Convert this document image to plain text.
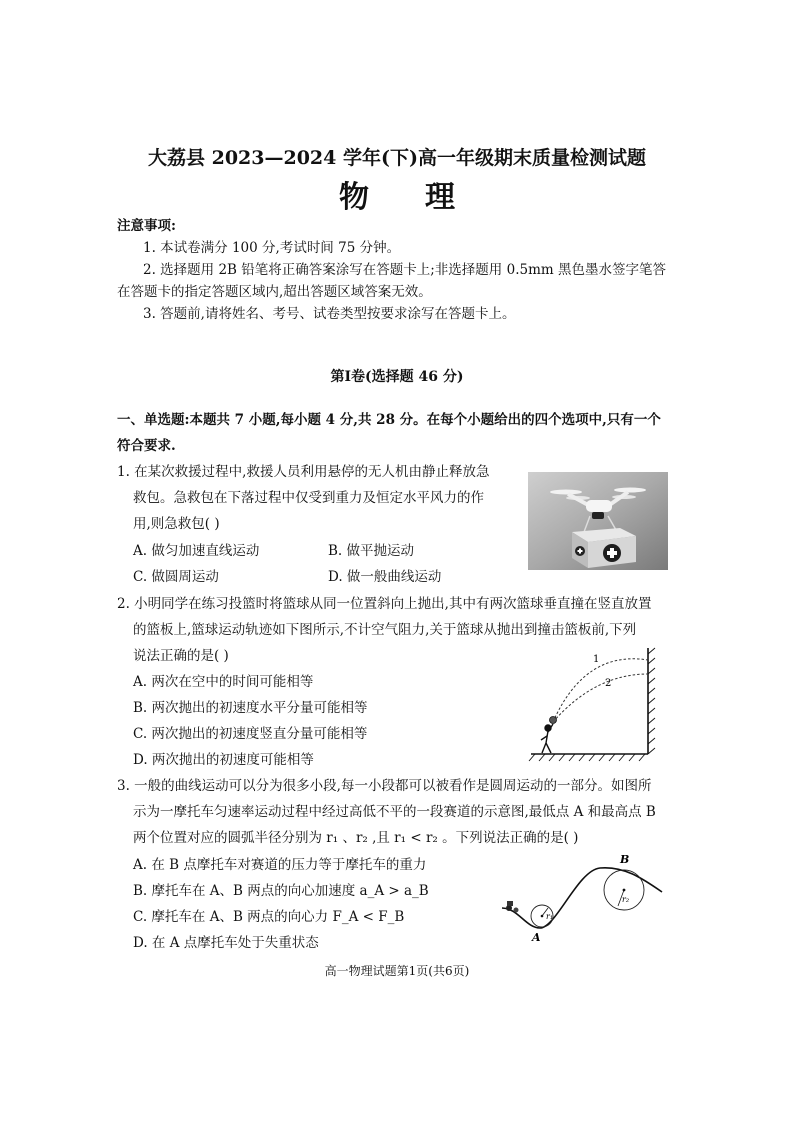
大荔县 2023—2024 学年(下)高一年级期末质量检测试题
物 理
注意事项:
1. 本试卷满分 100 分,考试时间 75 分钟。
2. 选择题用 2B 铅笔将正确答案涂写在答题卡上;非选择题用 0.5mm 黑色墨水签字笔答
在答题卡的指定答题区域内,超出答题区域答案无效。
3. 答题前,请将姓名、考号、试卷类型按要求涂写在答题卡上。
第Ⅰ卷(选择题 46 分)
一、单选题:本题共 7 小题,每小题 4 分,共 28 分。在每个小题给出的四个选项中,只有一个
符合要求.
1. 在某次救援过程中,救援人员利用悬停的无人机由静止释放急
救包。急救包在下落过程中仅受到重力及恒定水平风力的作
用,则急救包( )
A. 做匀加速直线运动	B. 做平抛运动
C. 做圆周运动	D. 做一般曲线运动
2. 小明同学在练习投篮时将篮球从同一位置斜向上抛出,其中有两次篮球垂直撞在竖直放置
的篮板上,篮球运动轨迹如下图所示,不计空气阻力,关于篮球从抛出到撞击篮板前,下列
说法正确的是( )
A. 两次在空中的时间可能相等
B. 两次抛出的初速度水平分量可能相等
C. 两次抛出的初速度竖直分量可能相等
D. 两次抛出的初速度可能相等
1
2
3. 一般的曲线运动可以分为很多小段,每一小段都可以被看作是圆周运动的一部分。如图所
示为一摩托车匀速率运动过程中经过高低不平的一段赛道的示意图,最低点 A 和最高点 B
两个位置对应的圆弧半径分别为 r₁ 、r₂ ,且 r₁ < r₂ 。下列说法正确的是( )
A. 在 B 点摩托车对赛道的压力等于摩托车的重力
B. 摩托车在 A、B 两点的向心加速度 a_A > a_B
C. 摩托车在 A、B 两点的向心力 F_A < F_B
D. 在 A 点摩托车处于失重状态
r₁
r₂
B
A
高一物理试题第1页(共6页)
